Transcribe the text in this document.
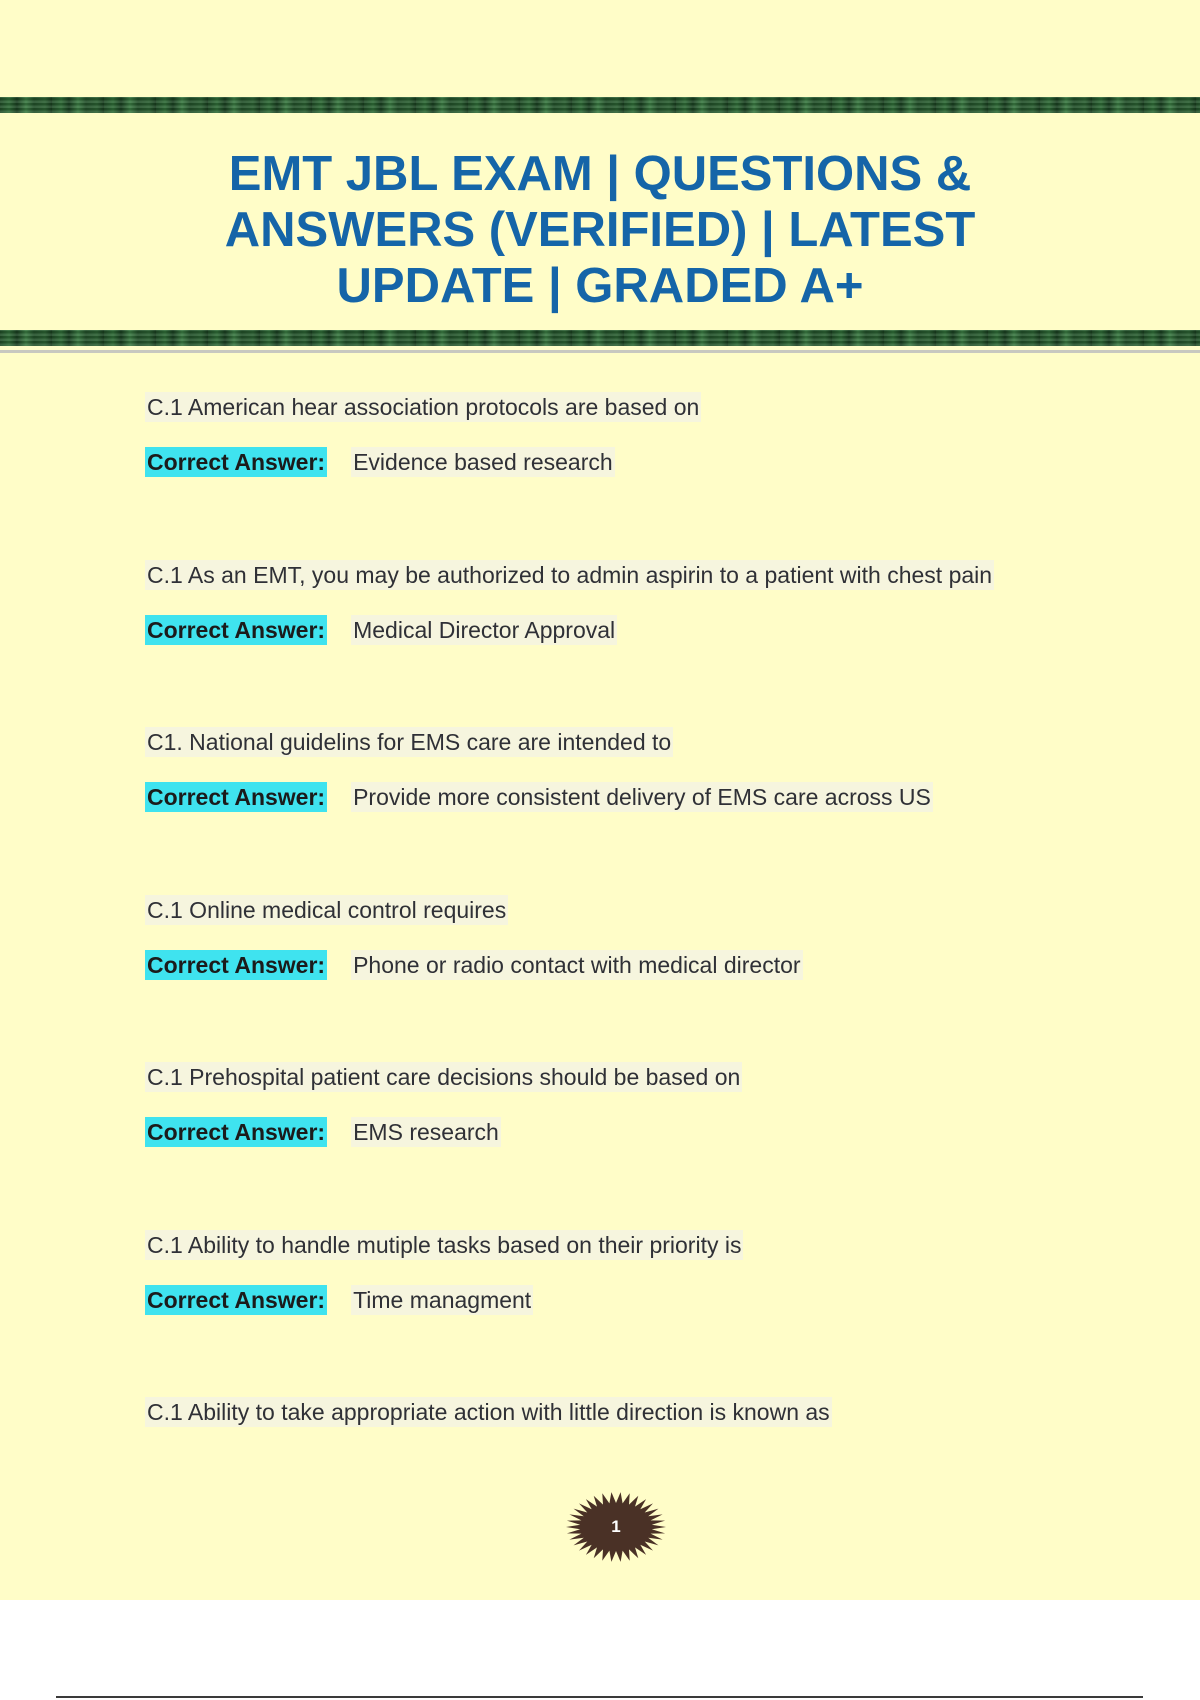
EMT JBL EXAM | QUESTIONS & ANSWERS (VERIFIED) | LATEST UPDATE | GRADED A+
C.1 American hear association protocols are based on
Correct Answer: Evidence based research
C.1 As an EMT, you may be authorized to admin aspirin to a patient with chest pain
Correct Answer: Medical Director Approval
C1. National guidelins for EMS care are intended to
Correct Answer: Provide more consistent delivery of EMS care across US
C.1 Online medical control requires
Correct Answer: Phone or radio contact with medical director
C.1 Prehospital patient care decisions should be based on
Correct Answer: EMS research
C.1 Ability to handle mutiple tasks based on their priority is
Correct Answer: Time managment
C.1 Ability to take appropriate action with little direction is known as
1
